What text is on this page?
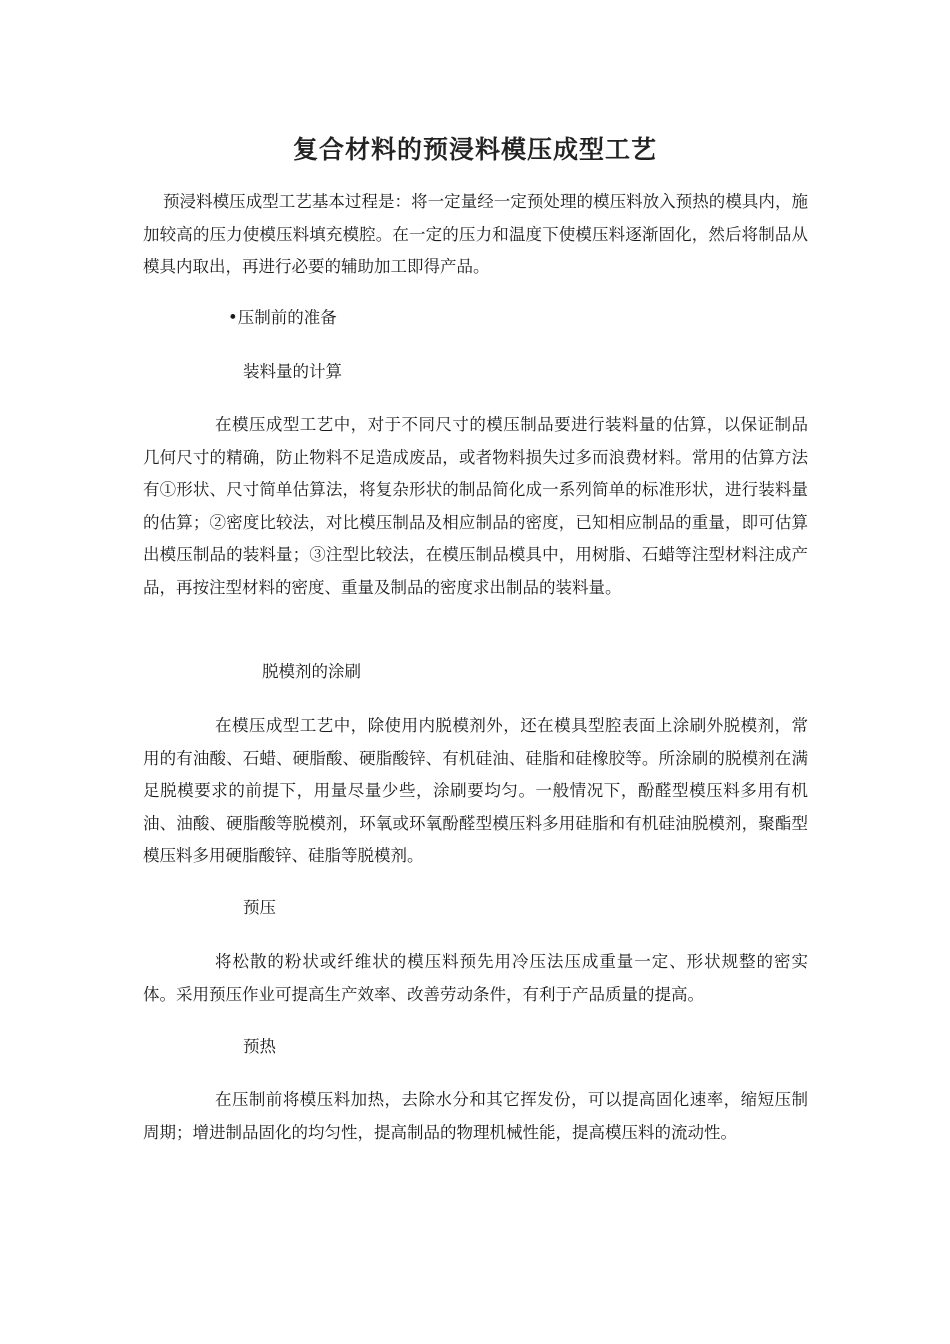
复合材料的预浸料模压成型工艺

预浸料模压成型工艺基本过程是：将一定量经一定预处理的模压料放入预热的模具内，施加较高的压力使模压料填充模腔。在一定的压力和温度下使模压料逐渐固化，然后将制品从模具内取出，再进行必要的辅助加工即得产品。

•压制前的准备

装料量的计算

在模压成型工艺中，对于不同尺寸的模压制品要进行装料量的估算，以保证制品几何尺寸的精确，防止物料不足造成废品，或者物料损失过多而浪费材料。常用的估算方法有①形状、尺寸简单估算法，将复杂形状的制品简化成一系列简单的标准形状，进行装料量的估算；②密度比较法，对比模压制品及相应制品的密度，已知相应制品的重量，即可估算出模压制品的装料量；③注型比较法，在模压制品模具中，用树脂、石蜡等注型材料注成产品，再按注型材料的密度、重量及制品的密度求出制品的装料量。

脱模剂的涂刷

在模压成型工艺中，除使用内脱模剂外，还在模具型腔表面上涂刷外脱模剂，常用的有油酸、石蜡、硬脂酸、硬脂酸锌、有机硅油、硅脂和硅橡胶等。所涂刷的脱模剂在满足脱模要求的前提下，用量尽量少些，涂刷要均匀。一般情况下，酚醛型模压料多用有机油、油酸、硬脂酸等脱模剂，环氧或环氧酚醛型模压料多用硅脂和有机硅油脱模剂，聚酯型模压料多用硬脂酸锌、硅脂等脱模剂。

预压

将松散的粉状或纤维状的模压料预先用冷压法压成重量一定、形状规整的密实体。采用预压作业可提高生产效率、改善劳动条件，有利于产品质量的提高。

预热

在压制前将模压料加热，去除水分和其它挥发份，可以提高固化速率，缩短压制周期；增进制品固化的均匀性，提高制品的物理机械性能，提高模压料的流动性。
